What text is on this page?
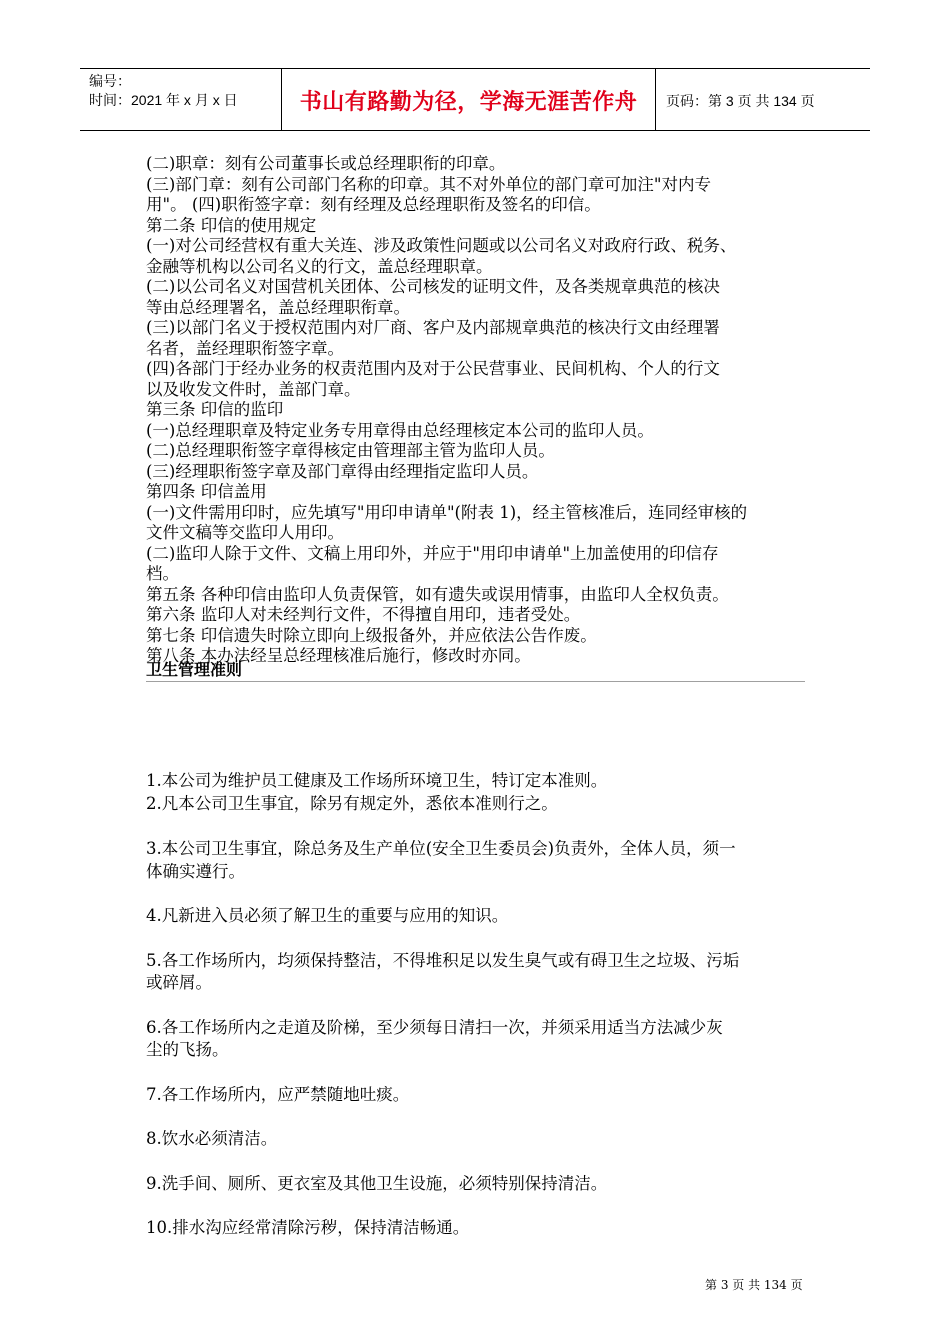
编号：
时间：2021 年 x 月 x 日	书山有路勤为径，学海无涯苦作舟	页码：第 3 页 共 134 页
(二)职章：刻有公司董事长或总经理职衔的印章。
(三)部门章：刻有公司部门名称的印章。其不对外单位的部门章可加注"对内专
用"。 (四)职衔签字章：刻有经理及总经理职衔及签名的印信。
第二条 印信的使用规定
(一)对公司经营权有重大关连、涉及政策性问题或以公司名义对政府行政、税务、
金融等机构以公司名义的行文，盖总经理职章。
(二)以公司名义对国营机关团体、公司核发的证明文件，及各类规章典范的核决
等由总经理署名，盖总经理职衔章。
(三)以部门名义于授权范围内对厂商、客户及内部规章典范的核决行文由经理署
名者，盖经理职衔签字章。
(四)各部门于经办业务的权责范围内及对于公民营事业、民间机构、个人的行文
以及收发文件时，盖部门章。
第三条 印信的监印
(一)总经理职章及特定业务专用章得由总经理核定本公司的监印人员。
(二)总经理职衔签字章得核定由管理部主管为监印人员。
(三)经理职衔签字章及部门章得由经理指定监印人员。
第四条 印信盖用
(一)文件需用印时，应先填写"用印申请单"(附表 1)，经主管核准后，连同经审核的
文件文稿等交监印人用印。
(二)监印人除于文件、文稿上用印外，并应于"用印申请单"上加盖使用的印信存
档。
第五条 各种印信由监印人负责保管，如有遗失或误用情事，由监印人全权负责。
第六条 监印人对未经判行文件，不得擅自用印，违者受处。
第七条 印信遗失时除立即向上级报备外，并应依法公告作废。
第八条 本办法经呈总经理核准后施行，修改时亦同。
卫生管理准则
1.本公司为维护员工健康及工作场所环境卫生，特订定本准则。
2.凡本公司卫生事宜，除另有规定外，悉依本准则行之。
3.本公司卫生事宜，除总务及生产单位(安全卫生委员会)负责外，全体人员，须一
体确实遵行。
4.凡新进入员必须了解卫生的重要与应用的知识。
5.各工作场所内，均须保持整洁，不得堆积足以发生臭气或有碍卫生之垃圾、污垢
或碎屑。
6.各工作场所内之走道及阶梯，至少须每日清扫一次，并须采用适当方法减少灰
尘的飞扬。
7.各工作场所内，应严禁随地吐痰。
8.饮水必须清洁。
9.洗手间、厕所、更衣室及其他卫生设施，必须特别保持清洁。
10.排水沟应经常清除污秽，保持清洁畅通。
第 3 页 共 134 页
